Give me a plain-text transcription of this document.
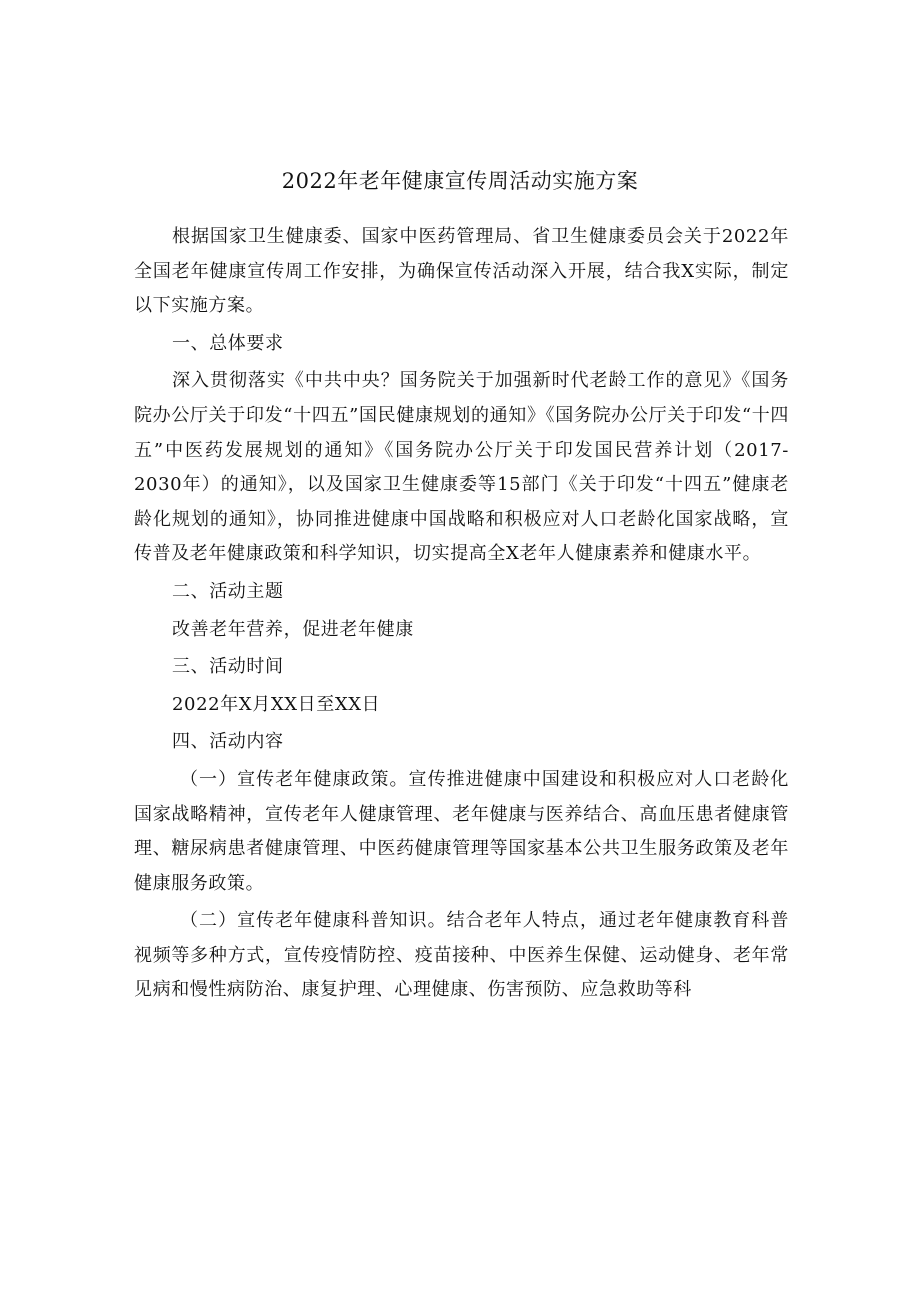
2022年老年健康宣传周活动实施方案

根据国家卫生健康委、国家中医药管理局、省卫生健康委员会关于2022年全国老年健康宣传周工作安排，为确保宣传活动深入开展，结合我X实际，制定以下实施方案。

一、总体要求

深入贯彻落实《中共中央？国务院关于加强新时代老龄工作的意见》《国务院办公厅关于印发“十四五”国民健康规划的通知》《国务院办公厅关于印发“十四五”中医药发展规划的通知》《国务院办公厅关于印发国民营养计划（2017-2030年）的通知》，以及国家卫生健康委等15部门《关于印发“十四五”健康老龄化规划的通知》，协同推进健康中国战略和积极应对人口老龄化国家战略，宣传普及老年健康政策和科学知识，切实提高全X老年人健康素养和健康水平。

二、活动主题

改善老年营养，促进老年健康

三、活动时间

2022年X月XX日至XX日

四、活动内容

（一）宣传老年健康政策。宣传推进健康中国建设和积极应对人口老龄化国家战略精神，宣传老年人健康管理、老年健康与医养结合、高血压患者健康管理、糖尿病患者健康管理、中医药健康管理等国家基本公共卫生服务政策及老年健康服务政策。

（二）宣传老年健康科普知识。结合老年人特点，通过老年健康教育科普视频等多种方式，宣传疫情防控、疫苗接种、中医养生保健、运动健身、老年常见病和慢性病防治、康复护理、心理健康、伤害预防、应急救助等科
